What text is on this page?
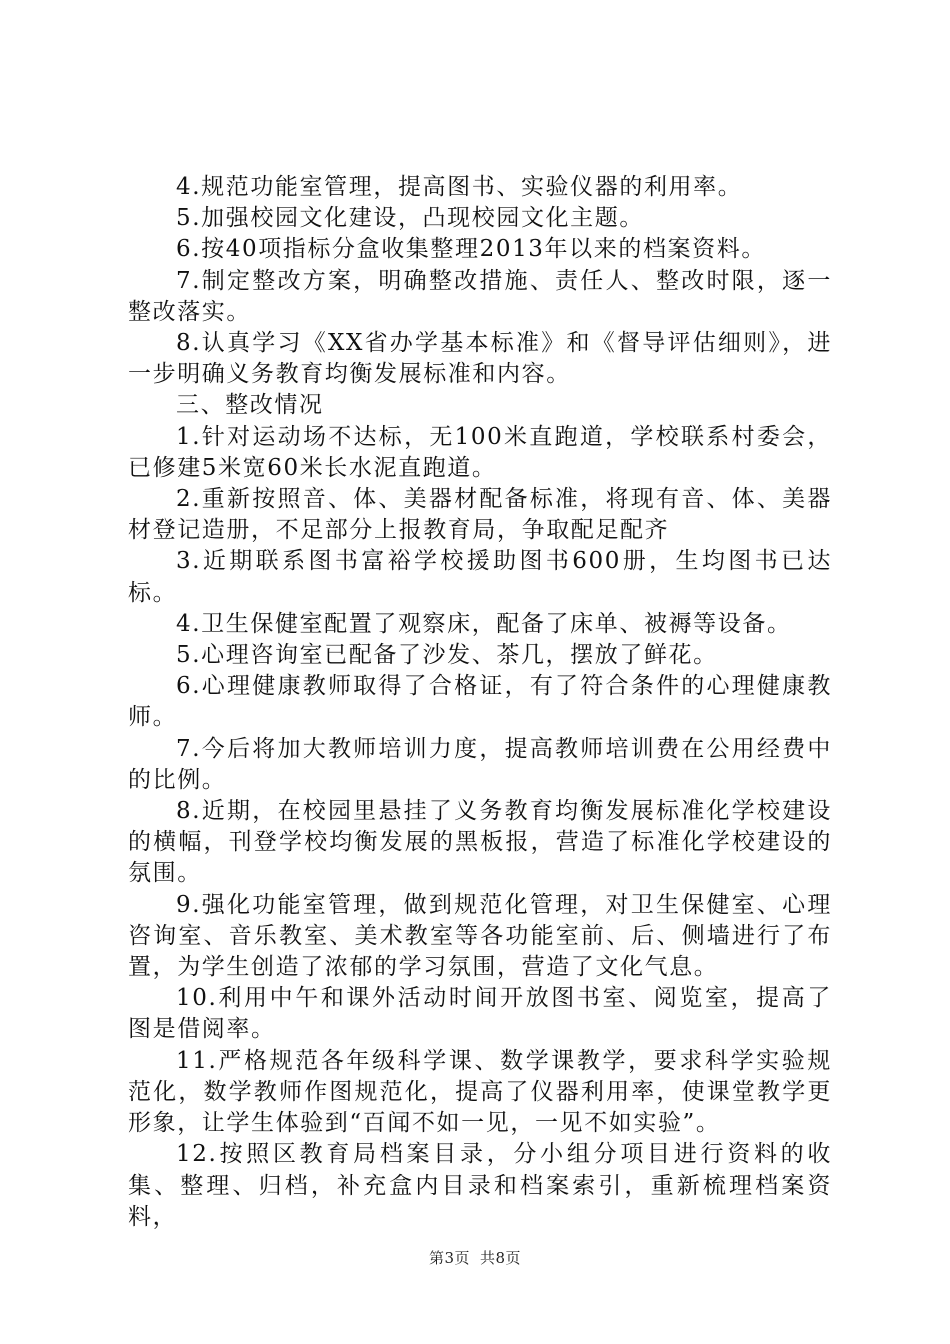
4.规范功能室管理，提高图书、实验仪器的利用率。

5.加强校园文化建设，凸现校园文化主题。

6.按40项指标分盒收集整理2013年以来的档案资料。

7.制定整改方案，明确整改措施、责任人、整改时限，逐一整改落实。

8.认真学习《XX省办学基本标准》和《督导评估细则》，进一步明确义务教育均衡发展标准和内容。

三、整改情况

1.针对运动场不达标，无100米直跑道，学校联系村委会，已修建5米宽60米长水泥直跑道。

2.重新按照音、体、美器材配备标准，将现有音、体、美器材登记造册，不足部分上报教育局，争取配足配齐

3.近期联系图书富裕学校援助图书600册，生均图书已达标。

4.卫生保健室配置了观察床，配备了床单、被褥等设备。

5.心理咨询室已配备了沙发、茶几，摆放了鲜花。

6.心理健康教师取得了合格证，有了符合条件的心理健康教师。

7.今后将加大教师培训力度，提高教师培训费在公用经费中的比例。

8.近期，在校园里悬挂了义务教育均衡发展标准化学校建设的横幅，刊登学校均衡发展的黑板报，营造了标准化学校建设的氛围。

9.强化功能室管理，做到规范化管理，对卫生保健室、心理咨询室、音乐教室、美术教室等各功能室前、后、侧墙进行了布置，为学生创造了浓郁的学习氛围，营造了文化气息。

10.利用中午和课外活动时间开放图书室、阅览室，提高了图是借阅率。

11.严格规范各年级科学课、数学课教学，要求科学实验规范化，数学教师作图规范化，提高了仪器利用率，使课堂教学更形象，让学生体验到“百闻不如一见，一见不如实验”。

12.按照区教育局档案目录，分小组分项目进行资料的收集、整理、归档，补充盒内目录和档案索引，重新梳理档案资料，

第3页 共8页
